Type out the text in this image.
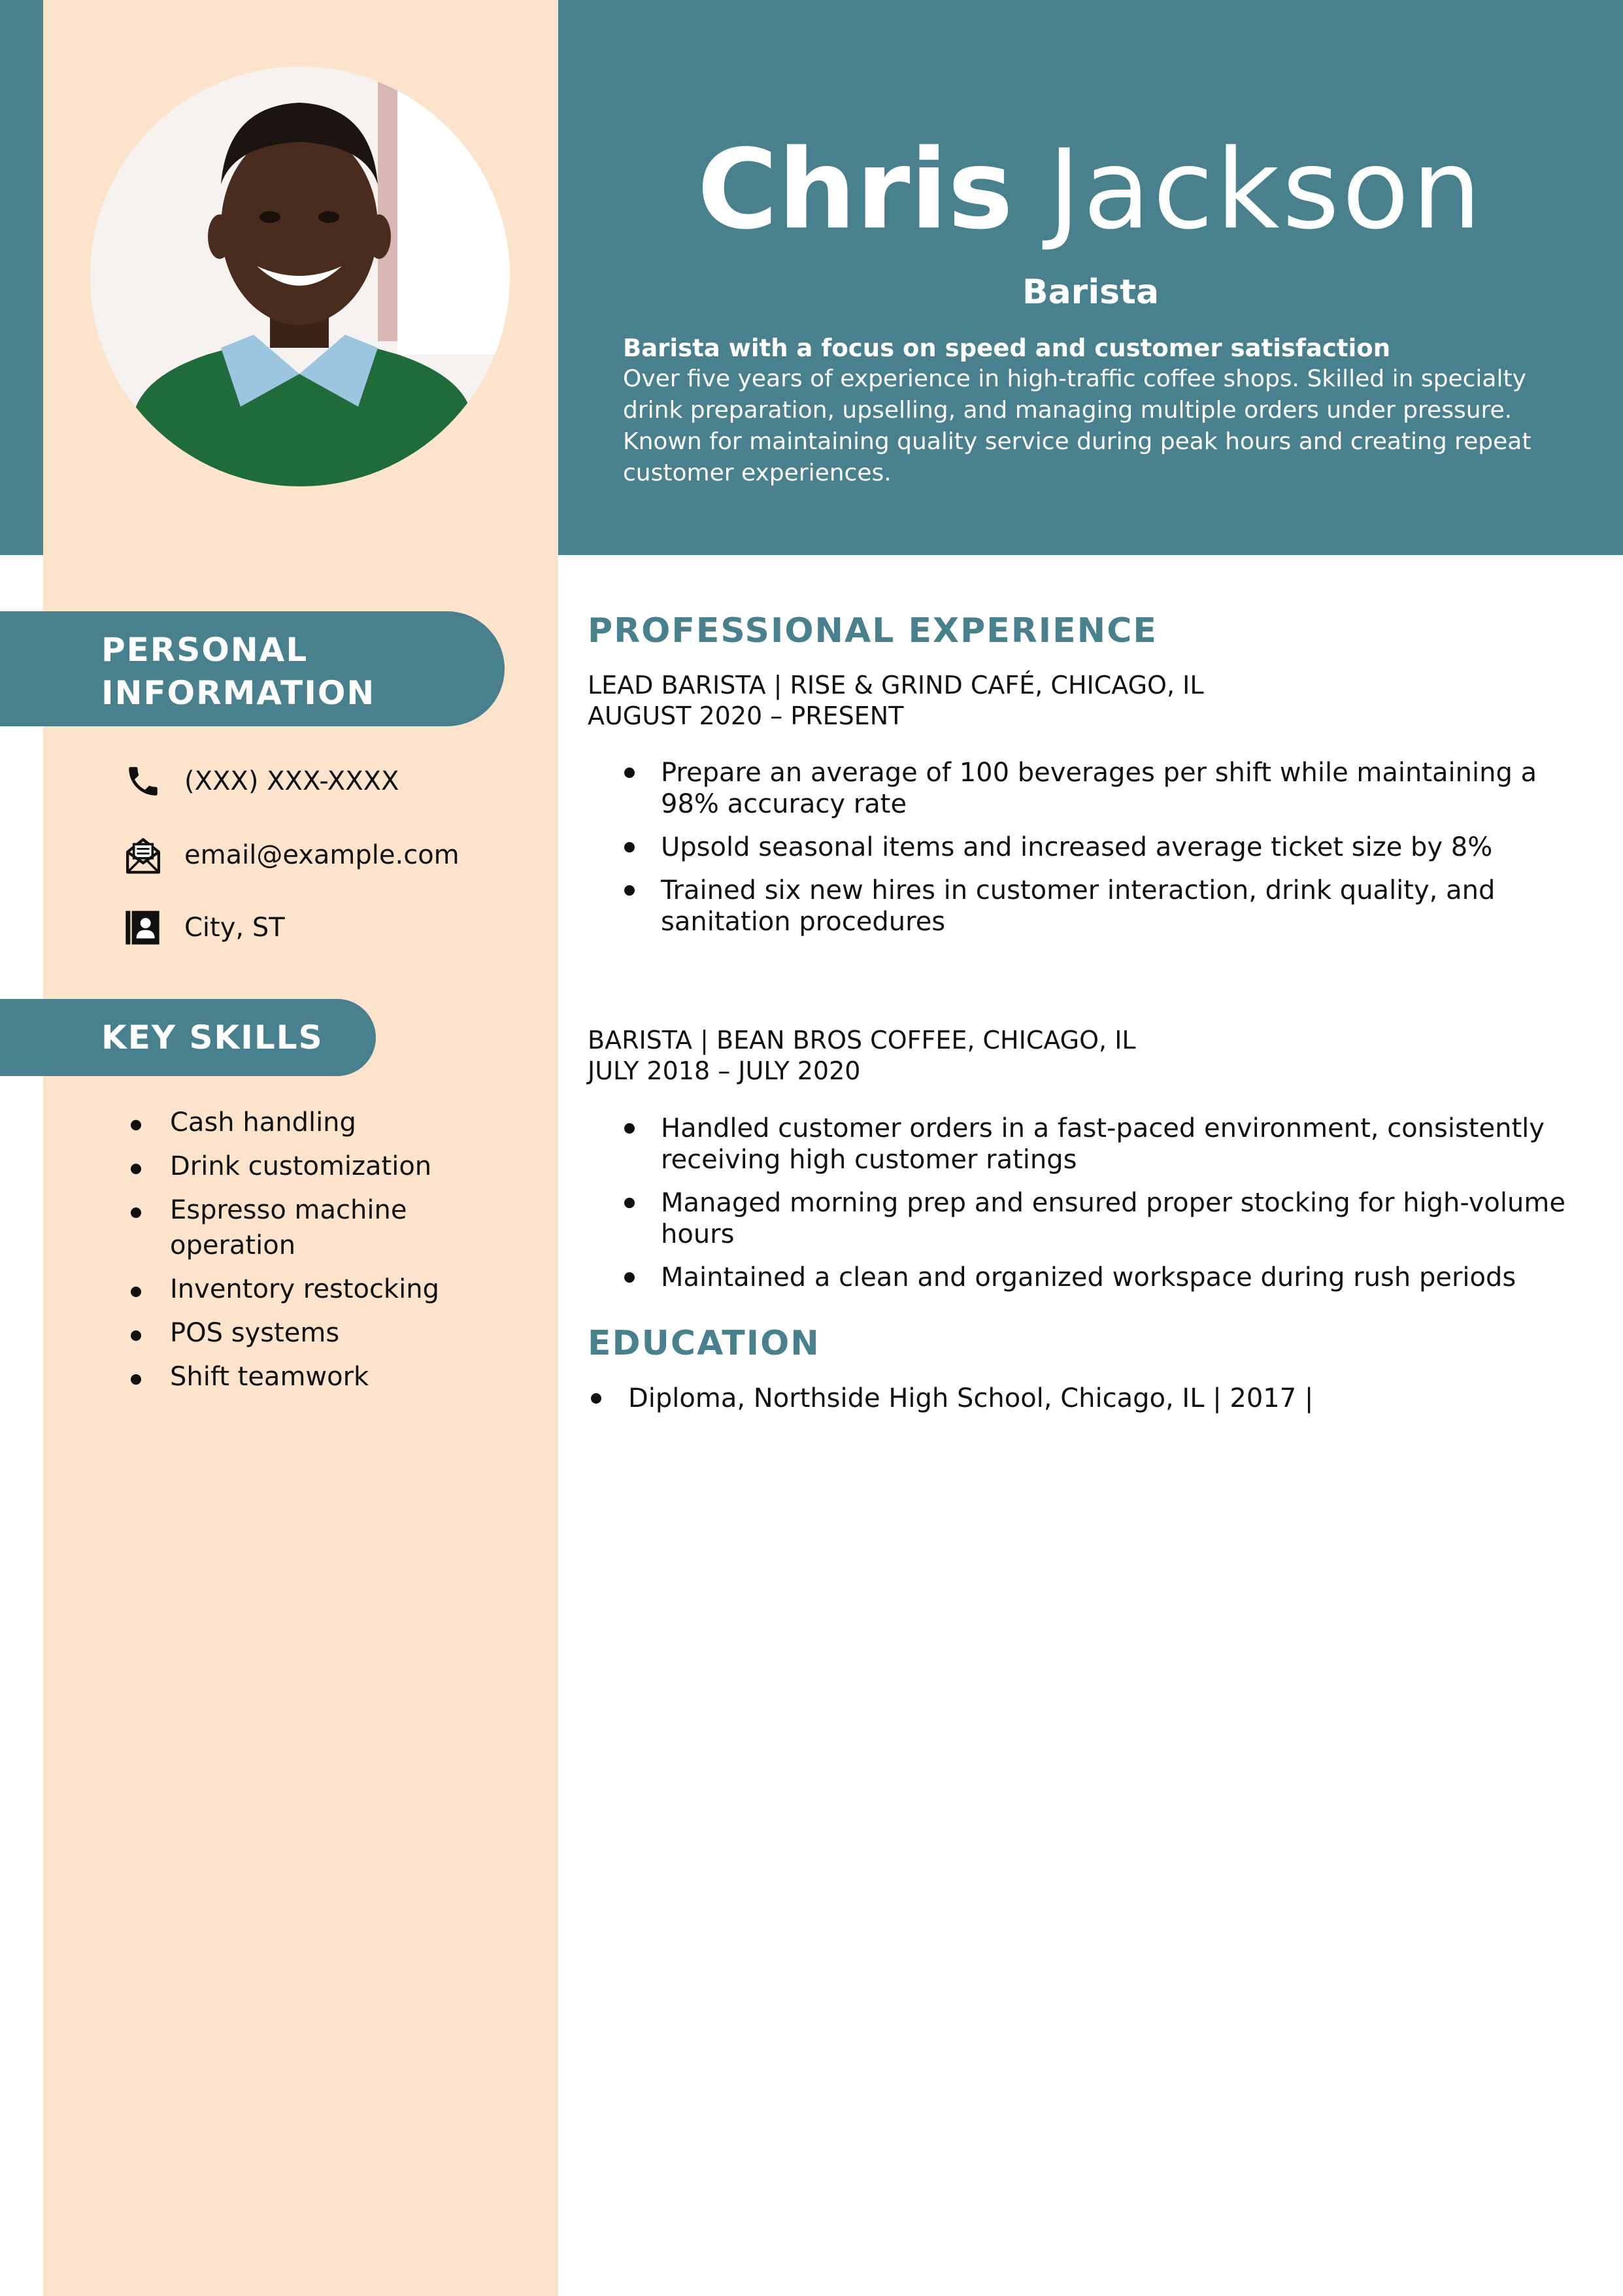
Chris Jackson
Barista
Barista with a focus on speed and customer satisfaction
Over five years of experience in high-traffic coffee shops. Skilled in specialty drink preparation, upselling, and managing multiple orders under pressure. Known for maintaining quality service during peak hours and creating repeat customer experiences.
PERSONAL
INFORMATION
(XXX) XXX-XXXX
email@example.com
City, ST
KEY SKILLS
Cash handling
Drink customization
Espresso machine operation
Inventory restocking
POS systems
Shift teamwork
PROFESSIONAL EXPERIENCE
LEAD BARISTA | RISE & GRIND CAFÉ, CHICAGO, IL
AUGUST 2020 – PRESENT
Prepare an average of 100 beverages per shift while maintaining a 98% accuracy rate
Upsold seasonal items and increased average ticket size by 8%
Trained six new hires in customer interaction, drink quality, and sanitation procedures
BARISTA | BEAN BROS COFFEE, CHICAGO, IL
JULY 2018 – JULY 2020
Handled customer orders in a fast-paced environment, consistently receiving high customer ratings
Managed morning prep and ensured proper stocking for high-volume hours
Maintained a clean and organized workspace during rush periods
EDUCATION
Diploma, Northside High School, Chicago, IL | 2017 |
